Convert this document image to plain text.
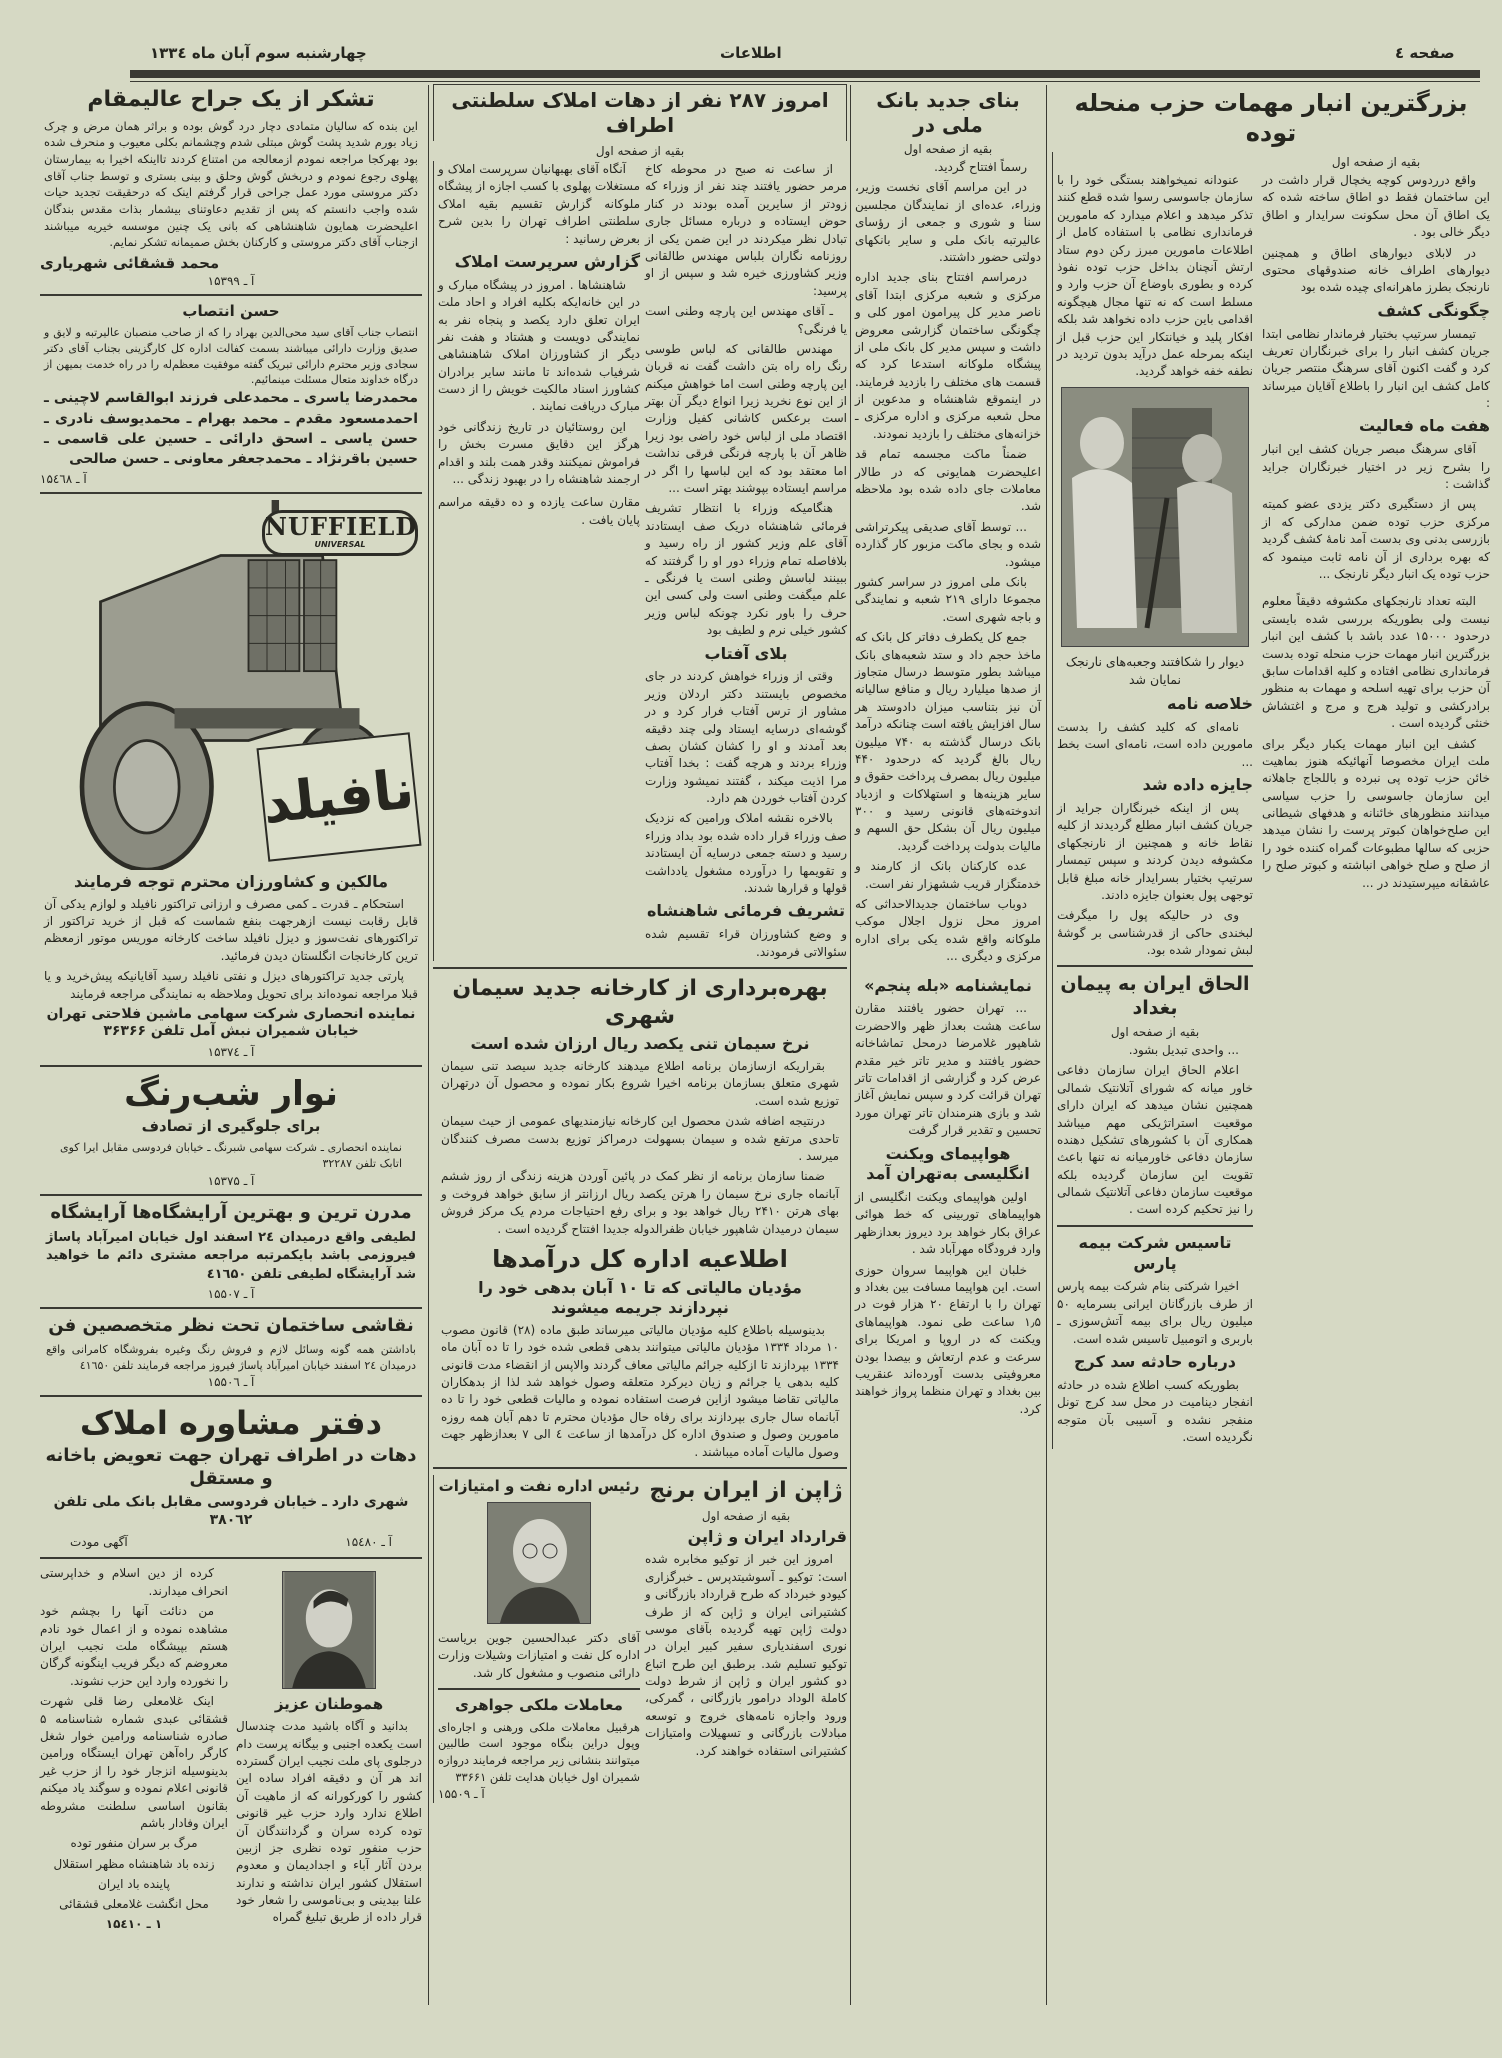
صفحه ٤
اطلاعات
چهارشنبه سوم آبان ماه ۱۳۳٤
بزرگترین انبار مهمات حزب منحله توده
بقیه از صفحه اول

واقع درردوس کوچه یخچال قرار داشت در این ساختمان فقط دو اطاق ساخته شده که یک اطاق آن محل سکونت سرایدار و اطاق دیگر خالی بود .

در لابلای دیوارهای اطاق و همچنین دیوارهای اطراف خانه صندوقهای محتوی نارنجک بطرز ماهرانه‌ای چیده شده بود

چگونگی کشف

تیمسار سرتیپ بختیار فرماندار نظامی ابتدا جریان کشف انبار را برای خبرنگاران تعریف کرد و گفت اکنون آقای سرهنگ منتصر جریان کامل کشف این انبار را باطلاع آقایان میرساند :

هفت ماه فعالیت

آقای سرهنگ مبصر جریان کشف این انبار را بشرح زیر در اختیار خبرنگاران جراید گذاشت :

پس از دستگیری دکتر یزدی عضو کمیته مرکزی حزب توده ضمن مدارکی که از بازرسی بدنی وی بدست آمد نامهٔ کشف گردید که بهره برداری از آن نامه ثابت مینمود که حزب توده یک انبار دیگر نارنجک ...

البته تعداد نارنجکهای مکشوفه دقیقاً معلوم نیست ولی بطوریکه بررسی شده بایستی درحدود ۱۵۰۰۰ عدد باشد با کشف این انبار بزرگترین انبار مهمات حزب منحله توده بدست فرمانداری نظامی افتاده و کلیه اقدامات سابق آن حزب برای تهیه اسلحه و مهمات به منظور برادرکشی و تولید هرج و مرج و اغتشاش خنثی گردیده است .

کشف این انبار مهمات یکبار دیگر برای ملت ایران مخصوصا آنهائیکه هنوز بماهیت خائن حزب توده پی نبرده و باللجاج جاهلانه این سازمان جاسوسی را حزب سیاسی میدانند منظورهای خائنانه و هدفهای شیطانی این صلح‌خواهان کبوتر پرست را نشان میدهد حزبی که سالها مطبوعات گمراه کننده خود را از صلح و صلح خواهی انباشته و کبوتر صلح را عاشقانه میپرستیدند در ...

عنودانه نمیخواهند بستگی خود را با سازمان جاسوسی رسوا شده قطع کنند تذکر میدهد و اعلام میدارد که مامورین فرمانداری نظامی با استفاده کامل از اطلاعات مامورین مبرز رکن دوم ستاد ارتش آنچنان بداخل حزب توده نفوذ کرده و بطوری باوضاع آن حزب وارد و مسلط است که نه تنها مجال هیچگونه اقدامی باین حزب داده نخواهد شد بلکه افکار پلید و خیانتکار این حزب قبل از اینکه بمرحله عمل درآید بدون تردید در نطفه خفه خواهد گردید.

دیوار را شکافتند وجعبه‌های نارنجک نمایان شد
خلاصه نامه

نامه‌ای که کلید کشف را بدست مامورین داده است، نامه‌ای است بخط ...

جایزه داده شد

پس از اینکه خبرنگاران جراید از جریان کشف انبار مطلع گردیدند از کلیه نقاط خانه و همچنین از نارنجکهای مکشوفه دیدن کردند و سپس تیمسار سرتیپ بختیار بسرایدار خانه مبلغ قابل توجهی پول بعنوان جایزه دادند.

وی در حالیکه پول را میگرفت لبخندی حاکی از قدرشناسی بر گوشهٔ لبش نمودار شده بود.

الحاق ایران به پیمان بغداد
بقیه از صفحه اول

... واحدی تبدیل بشود.

اعلام الحاق ایران سازمان دفاعی خاور میانه که شورای آتلانتیک شمالی همچنین نشان میدهد که ایران دارای موقعیت استراتژیکی مهم میباشد همکاری آن با کشورهای تشکیل دهنده سازمان دفاعی خاورمیانه نه تنها باعث تقویت این سازمان گردیده بلکه موقعیت سازمان دفاعی آتلانتیک شمالی را نیز تحکیم کرده است .

تاسیس شرکت بیمه پارس

اخیرا شرکتی بنام شرکت بیمه پارس از طرف بازرگانان ایرانی بسرمایه ۵۰ میلیون ریال برای بیمه آتش‌سوزی ـ باربری و اتومبیل تاسیس شده است.

درباره حادثه سد کرج

بطوریکه کسب اطلاع شده در حادثه انفجار دینامیت در محل سد کرج تونل منفجر نشده و آسیبی بآن متوجه نگردیده است.

بنای جدید بانک ملی در
بقیه از صفحه اول

رسماً افتتاح گردید.

در این مراسم آقای نخست وزیر، وزراء، عده‌ای از نمایندگان مجلسین سنا و شوری و جمعی از رؤسای عالیرتبه بانک ملی و سایر بانکهای دولتی حضور داشتند.

درمراسم افتتاح بنای جدید اداره مرکزی و شعبه مرکزی ابتدا آقای ناصر مدیر کل پیرامون امور کلی و چگونگی ساختمان گزارشی معروض داشت و سپس مدیر کل بانک ملی از پیشگاه ملوکانه استدعا کرد که قسمت های مختلف را بازدید فرمایند. در اینموقع شاهنشاه و مدعوین از محل شعبه مرکزی و اداره مرکزی ـ خزانه‌های مختلف را بازدید نمودند.

ضمناً ماکت مجسمه تمام قد اعلیحضرت همایونی که در طالار معاملات جای داده شده بود ملاحظه شد.

... توسط آقای صدیقی پیکرتراشی شده و بجای ماکت مزبور کار گذارده میشود.

بانک ملی امروز در سراسر کشور مجموعا دارای ۲۱۹ شعبه و نمایندگی و باجه شهری است.

جمع کل یکطرف دفاتر کل بانک که ماخذ حجم داد و ستد شعبه‌های بانک میباشد بطور متوسط درسال متجاوز از صدها میلیارد ریال و منافع سالیانه آن نیز بتناسب میزان دادوستد هر سال افزایش یافته است چنانکه درآمد بانک درسال گذشته به ۷۴۰ میلیون ریال بالغ گردید که درحدود ۴۴۰ میلیون ریال بمصرف پرداخت حقوق و سایر هزینه‌ها و استهلاکات و ازدیاد اندوخته‌های قانونی رسید و ۳۰۰ میلیون ریال آن بشکل حق السهم و مالیات بدولت پرداخت گردید.

عده کارکنان بانک از کارمند و خدمتگزار قریب ششهزار نفر است.

دوباب ساختمان جدیدالاحداثی که امروز محل نزول اجلال موکب ملوکانه واقع شده یکی برای اداره مرکزی و دیگری ...

نمایشنامه «بله پنجم»

... تهران حضور یافتند مقارن ساعت هشت بعداز ظهر والاحضرت شاهپور غلامرضا درمحل تماشاخانه حضور یافتند و مدیر تاتر خیر مقدم عرض کرد و گزارشی از اقدامات تاتر تهران قرائت کرد و سپس نمایش آغاز شد و بازی هنرمندان تاتر تهران مورد تحسین و تقدیر قرار گرفت

هواپیمای ویکنت انگلیسی به‌تهران آمد

اولین هواپیمای ویکنت انگلیسی از هواپیماهای توربینی که خط هوائی عراق بکار خواهد برد دیروز بعدازظهر وارد فرودگاه مهرآباد شد .

خلبان این هواپیما سروان حوزی است. این هواپیما مسافت بین بغداد و تهران را با ارتفاع ۲۰ هزار فوت در ۱٫۵ ساعت طی نمود. هواپیماهای ویکنت که در اروپا و امریکا برای سرعت و عدم ارتعاش و بیصدا بودن معروفیتی بدست آورده‌اند عنقریب بین بغداد و تهران منظما پرواز خواهند کرد.

امروز ۲۸۷ نفر از دهات املاک سلطنتی اطراف
بقیه از صفحه اول

از ساعت نه صبح در محوطه کاخ مرمر حضور یافتند چند نفر از وزراء که زودتر از سایرین آمده بودند در کنار حوض ایستاده و درباره مسائل جاری تبادل نظر میکردند در این ضمن یکی از روزنامه نگاران بلباس مهندس طالقانی وزیر کشاورزی خیره شد و سپس از او پرسید:

ـ آقای مهندس این پارچه وطنی است یا فرنگی؟

مهندس طالقانی که لباس طوسی رنگ راه راه بتن داشت گفت نه قربان این پارچه وطنی است اما خواهش میکنم از این نوع نخرید زیرا انواع دیگر آن بهتر است برعکس کاشانی کفیل وزارت اقتصاد ملی از لباس خود راضی بود زیرا ظاهر آن با پارچه فرنگی فرقی نداشت اما معتقد بود که این لباسها را اگر در مراسم ایستاده بپوشند بهتر است ...

هنگامیکه وزراء با انتظار تشریف فرمائی شاهنشاه دریک صف ایستادند آقای علم وزیر کشور از راه رسید و بلافاصله تمام وزراء دور او را گرفتند که ببینند لباسش وطنی است یا فرنگی ـ علم میگفت وطنی است ولی کسی این حرف را باور نکرد چونکه لباس وزیر کشور خیلی نرم و لطیف بود

بلای آفتاب

وقتی از وزراء خواهش کردند در جای مخصوص بایستند دکتر اردلان وزیر مشاور از ترس آفتاب فرار کرد و در گوشه‌ای درسایه ایستاد ولی چند دقیقه بعد آمدند و او را کشان کشان بصف وزراء بردند و هرچه گفت : بخدا آفتاب مرا اذیت میکند ، گفتند نمیشود وزارت کردن آفتاب خوردن هم دارد.

بالاخره نقشه املاک ورامین که نزدیک صف وزراء قرار داده شده بود بداد وزراء رسید و دسته جمعی درسایه آن ایستادند و تقویمها را درآورده مشغول یادداشت قولها و قرارها شدند.

تشریف فرمائی شاهنشاه
و وضع کشاورزان قراء تقسیم شده سئوالاتی فرمودند.

آنگاه آقای بهبهانیان سرپرست املاک و مستغلات پهلوی با کسب اجازه از پیشگاه ملوکانه گزارش تقسیم بقیه املاک سلطنتی اطراف تهران را بدین شرح بعرض رسانید :

گزارش سرپرست املاک

شاهنشاها . امروز در پیشگاه مبارک و در این خانه‌ایکه بکلیه افراد و احاد ملت ایران تعلق دارد یکصد و پنجاه نفر به نمایندگی دویست و هشتاد و هفت نفر دیگر از کشاورزان املاک شاهنشاهی شرفیاب شده‌اند تا مانند سایر برادران کشاورز اسناد مالکیت خویش را از دست مبارک دریافت نمایند .

این روستائیان در تاریخ زندگانی خود هرگز این دقایق مسرت بخش را فراموش نمیکنند وقدر همت بلند و اقدام ارجمند شاهنشاه را در بهبود زندگی ...

مقارن ساعت یازده و ده دقیقه مراسم پایان یافت .
بهره‌برداری از کارخانه جدید سیمان شهری
نرخ سیمان تنی یکصد ریال ارزان شده است

بقراریکه ازسازمان برنامه اطلاع میدهند کارخانه جدید سیصد تنی سیمان شهری متعلق بسازمان برنامه اخیرا شروع بکار نموده و محصول آن درتهران توزیع شده است.

درنتیجه اضافه شدن محصول این کارخانه نیازمندیهای عمومی از حیث سیمان تاحدی مرتفع شده و سیمان بسهولت درمراکز توزیع بدست مصرف کنندگان میرسد .

ضمنا سازمان برنامه از نظر کمک در پائین آوردن هزینه زندگی از روز ششم آبانماه جاری نرخ سیمان را هرتن یکصد ریال ارزانتر از سابق خواهد فروخت و بهای هرتن ۲۴۱۰ ریال خواهد بود و برای رفع احتیاجات مردم یک مرکز فروش سیمان درمیدان شاهپور خیابان ظفرالدوله جدیدا افتتاح گردیده است .

اطلاعیه اداره کل درآمدها
مؤدیان مالیاتی که تا ۱۰ آبان بدهی خود را نپردازند جریمه میشوند

بدینوسیله باطلاع کلیه مؤدیان مالیاتی میرساند طبق ماده (۲۸) قانون مصوب ۱۰ مرداد ۱۳۳۴ مؤدیان مالیاتی میتوانند بدهی قطعی شده خود را تا ده آبان ماه ۱۳۳۴ بپردازند تا ازکلیه جرائم مالیاتی معاف گردند والاپس از انقضاء مدت قانونی کلیه بدهی یا جرائم و زیان دیرکرد متعلقه وصول خواهد شد لذا از بدهکاران مالیاتی تقاضا میشود ازاین فرصت استفاده نموده و مالیات قطعی خود را تا ده آبانماه سال جاری بپردازند برای رفاه حال مؤدیان محترم تا دهم آبان همه روزه مامورین وصول و صندوق اداره کل درآمدها از ساعت ٤ الی ۷ بعدازظهر جهت وصول مالیات آماده میباشند .

ژاپن از ایران برنج
بقیه از صفحه اول
قرارداد ایران و ژاپن

امروز این خبر از توکیو مخابره شده است: توکیو ـ آسوشیتدپرس ـ خبرگزاری کیودو خبرداد که طرح قرارداد بازرگانی و کشتیرانی ایران و ژاپن که از طرف دولت ژاپن تهیه گردیده بآقای موسی نوری اسفندیاری سفیر کبیر ایران در توکیو تسلیم شد. برطبق این طرح اتباع دو کشور ایران و ژاپن از شرط دولت کاملة الوداد درامور بازرگانی ، گمرکی، ورود واجازه نامه‌های خروج و توسعه مبادلات بازرگانی و تسهیلات وامتیازات کشتیرانی استفاده خواهند کرد.

رئیس اداره نفت و امتیازات
آقای دکتر عبدالحسین جوین بریاست اداره کل نفت و امتیازات وشیلات وزارت دارائی منصوب و مشغول کار شد.
معاملات ملکی جواهری
هرقبیل معاملات ملکی ورهنی و اجاره‌ای وپول دراین بنگاه موجود است طالبین میتوانند بنشانی زیر مراجعه فرمایند دروازه شمیران اول خیابان هدایت تلفن ۳۳۶۶۱
آ ـ ۱۵۵۰۹
تشکر از یک جراح عالیمقام
این بنده که سالیان متمادی دچار درد گوش بوده و براثر همان مرض و چرک زیاد بورم شدید پشت گوش مبتلی شدم وچشمانم بکلی معیوب و منحرف شده بود بهرکجا مراجعه نمودم ازمعالجه من امتناع کردند تااینکه اخیرا به بیمارستان پهلوی رجوع نمودم و دربخش گوش وحلق و بینی بستری و توسط جناب آقای دکتر مروستی مورد عمل جراحی قرار گرفتم اینک که درحقیقت تجدید حیات شده واجب دانستم که پس از تقدیم دعاوتنای بیشمار بذات مقدس بندگان اعلیحضرت همایون شاهنشاهی که بانی یک چنین موسسه خیریه میباشند ازجناب آقای دکتر مروستی و کارکنان بخش صمیمانه تشکر نمایم.
محمد قشقائی شهریاری
آ ـ ۱۵۳۹۹
حسن انتصاب
انتصاب جناب آقای سید محی‌الدین بهراد را که از صاحب منصبان عالیرتبه و لایق و صدیق وزارت دارائی میباشند بسمت کفالت اداره کل کارگزینی بجناب آقای دکتر سجادی وزیر محترم دارائی تبریک گفته موفقیت معظم‌له را در راه خدمت بمیهن از درگاه خداوند متعال مسئلت مینمائیم.
محمدرضا یاسری ـ محمدعلی فرزند ابوالقاسم لاچینی ـ احمدمسعود مقدم ـ محمد بهرام ـ محمدیوسف نادری ـ حسن یاسی ـ اسحق دارائی ـ حسین علی قاسمی ـ حسین باقرنژاد ـ محمدجعفر معاونی ـ حسن صالحی
آ ـ ۱۵٤٦۸
NUFFIELD
UNIVERSAL
نافیلد
مالکین و کشاورزان محترم توجه فرمایند

استحکام ـ قدرت ـ کمی مصرف و ارزانی تراکتور نافیلد و لوازم یدکی آن قابل رقابت نیست ازهرجهت بنفع شماست که قبل از خرید تراکتور از تراکتورهای نفت‌سوز و دیزل نافیلد ساخت کارخانه موریس موتور ازمعظم ترین کارخانجات انگلستان دیدن فرمائید.

پارتی جدید تراکتورهای دیزل و نفتی نافیلد رسید آقایانیکه پیش‌خرید و یا قبلا مراجعه نموده‌اند برای تحویل وملاحظه به نمایندگی مراجعه فرمایند

نماینده انحصاری شرکت سهامی ماشین فلاحتی تهران خیابان شمیران نبش آمل تلفن ۳۶۳۶۶
آ ـ ۱۵۳۷٤
نوار شب‌رنگ
برای جلوگیری از تصادف
نماینده انحصاری ـ شرکت سهامی شبرنگ ـ خیابان فردوسی مقابل ایرا کوی اتابک تلفن ۳۲۲۸۷
آ ـ ۱۵۳۷۵
مدرن ترین و بهترین آرایشگاه‌ها آرایشگاه
لطیفی واقع درمیدان ۲٤ اسفند اول خیابان امیرآباد پاساژ فیروزمی باشد بایکمرتبه مراجعه مشتری دائم ما خواهید شد آرایشگاه لطیفی تلفن ٤۱٦۵۰
آ ـ ۱۵۵۰۷
نقاشی ساختمان تحت نظر متخصصین فن
باداشتن همه گونه وسائل لازم و فروش رنگ وغیره بفروشگاه کامرانی واقع درمیدان ۲٤ اسفند خیابان امیرآباد پاساژ فیروز مراجعه فرمایند تلفن ٤۱٦۵۰
آ ـ ۱۵۵۰٦
دفتر مشاوره املاک
دهات در اطراف تهران جهت تعویض باخانه و مستقل
شهری دارد ـ خیابان فردوسی مقابل بانک ملی تلفن ۳۸۰٦۲
آ ـ ۱۵٤۸۰
آگهی مودت
هموطنان عزیز

بدانید و آگاه باشید مدت چندسال است یکعده اجنبی و بیگانه پرست دام درجلوی پای ملت نجیب ایران گسترده اند هر آن و دقیقه افراد ساده این کشور را کورکورانه که از ماهیت آن اطلاع ندارد وارد حزب غیر قانونی توده کرده سران و گردانندگان آن حزب منفور توده نظری جز ازبین بردن آثار آباء و اجدادیمان و معدوم استقلال کشور ایران نداشته و ندارند علنا بیدینی و بی‌ناموسی را شعار خود قرار داده از طریق تبلیغ گمراه

کرده از دین اسلام و خداپرستی انحراف میدارند.

من دنائت آنها را بچشم خود مشاهده نموده و از اعمال خود نادم هستم بپیشگاه ملت نجیب ایران معروضم که دیگر فریب اینگونه گرگان را نخورده وارد این حزب نشوند.

اینک غلامعلی رضا قلی شهرت قشقائی عبدی شماره شناسنامه ۵ صادره شناسنامه ورامین خوار شغل کارگر راه‌آهن تهران ایستگاه ورامین بدینوسیله انزجار خود را از حزب غیر قانونی اعلام نموده و سوگند یاد میکنم بقانون اساسی سلطنت مشروطه ایران وفادار باشم

مرگ بر سران منفور توده

زنده باد شاهنشاه مظهر استقلال

پاینده باد ایران

محل انگشت غلامعلی قشقائی

۱ ـ ۱۵٤۱۰
